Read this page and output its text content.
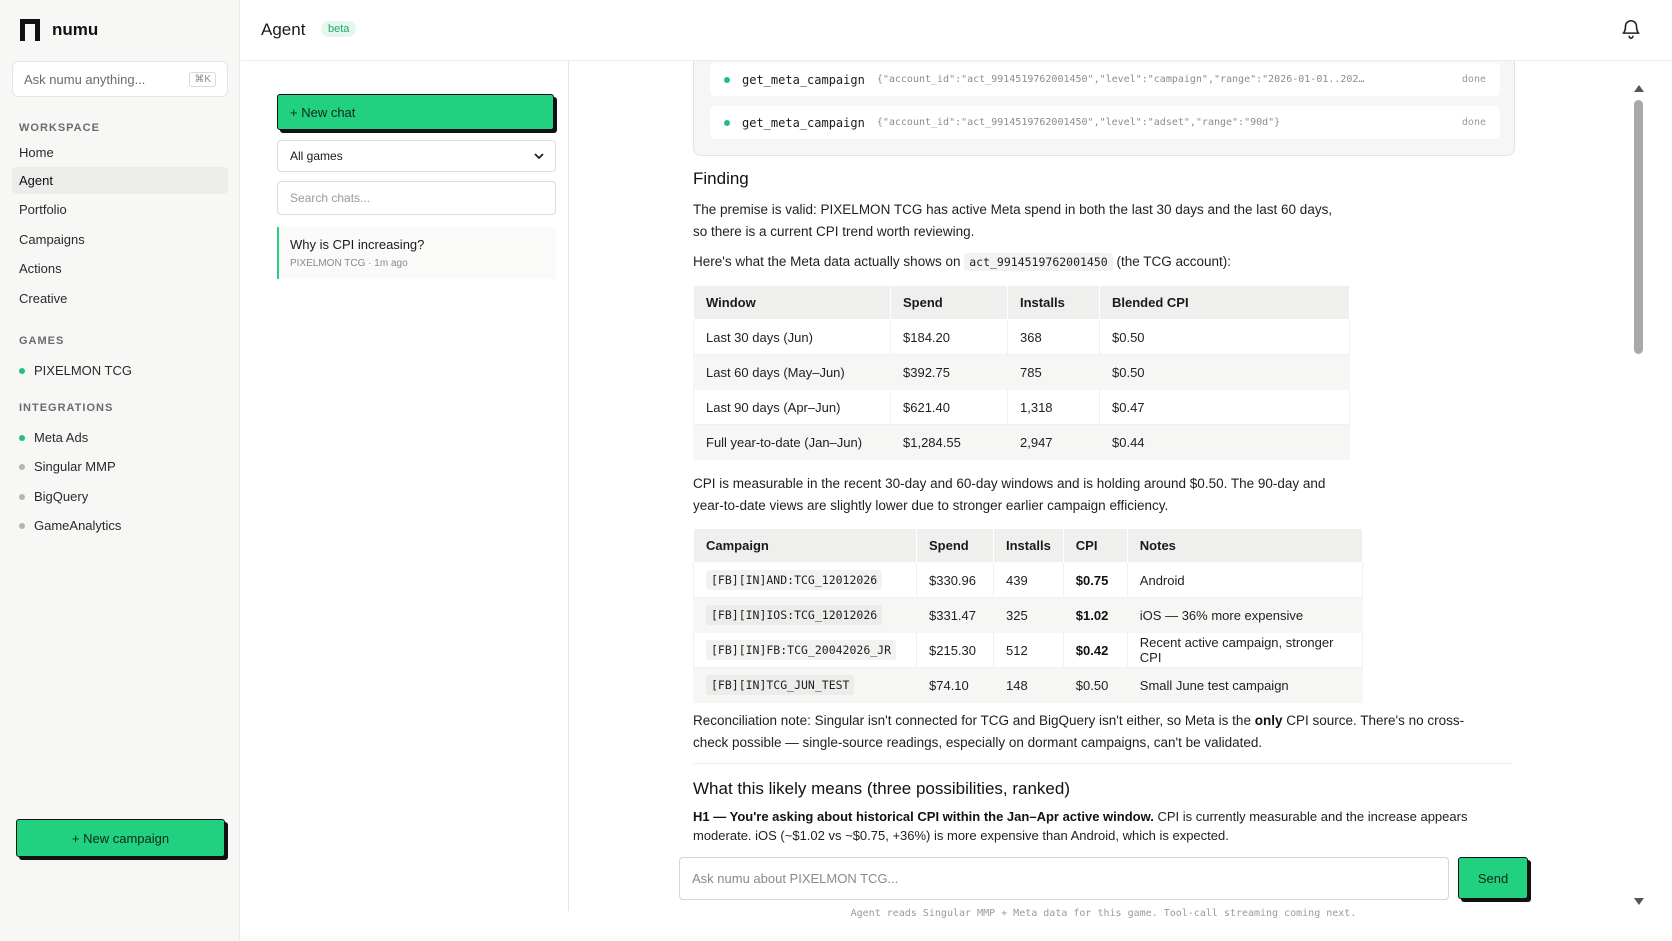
numu
Ask numu anything...	⌘K
WORKSPACE
Home
Agent
Portfolio
Campaigns
Actions
Creative
GAMES
PIXELMON TCG
INTEGRATIONS
Meta Ads
Singular MMP
BigQuery
GameAnalytics
+ New campaign
Agent	beta
+ New chat
All games
Search chats...
Why is CPI increasing?
PIXELMON TCG · 1m ago
get_meta_campaign {"account_id":"act_9914519762001450","level":"campaign","range":"2026-01-01..202…	done
get_meta_campaign {"account_id":"act_9914519762001450","level":"adset","range":"90d"}	done
Finding
The premise is valid: PIXELMON TCG has active Meta spend in both the last 30 days and the last 60 days, so there is a current CPI trend worth reviewing.
Here's what the Meta data actually shows on act_9914519762001450 (the TCG account):
Window	Spend	Installs	Blended CPI
Last 30 days (Jun)	$184.20	368	$0.50
Last 60 days (May–Jun)	$392.75	785	$0.50
Last 90 days (Apr–Jun)	$621.40	1,318	$0.47
Full year-to-date (Jan–Jun)	$1,284.55	2,947	$0.44
CPI is measurable in the recent 30-day and 60-day windows and is holding around $0.50. The 90-day and year-to-date views are slightly lower due to stronger earlier campaign efficiency.
Campaign	Spend	Installs	CPI	Notes
[FB][IN]AND:TCG_12012026	$330.96	439	$0.75	Android
[FB][IN]IOS:TCG_12012026	$331.47	325	$1.02	iOS — 36% more expensive
[FB][IN]FB:TCG_20042026_JR	$215.30	512	$0.42	Recent active campaign, stronger CPI
[FB][IN]TCG_JUN_TEST	$74.10	148	$0.50	Small June test campaign
Reconciliation note: Singular isn't connected for TCG and BigQuery isn't either, so Meta is the only CPI source. There's no cross-check possible — single-source readings, especially on dormant campaigns, can't be validated.
What this likely means (three possibilities, ranked)
H1 — You're asking about historical CPI within the Jan–Apr active window. CPI is currently measurable and the increase appears moderate. iOS (~$1.02 vs ~$0.75, +36%) is more expensive than Android, which is expected.
Ask numu about PIXELMON TCG...	Send
Agent reads Singular MMP + Meta data for this game. Tool-call streaming coming next.
